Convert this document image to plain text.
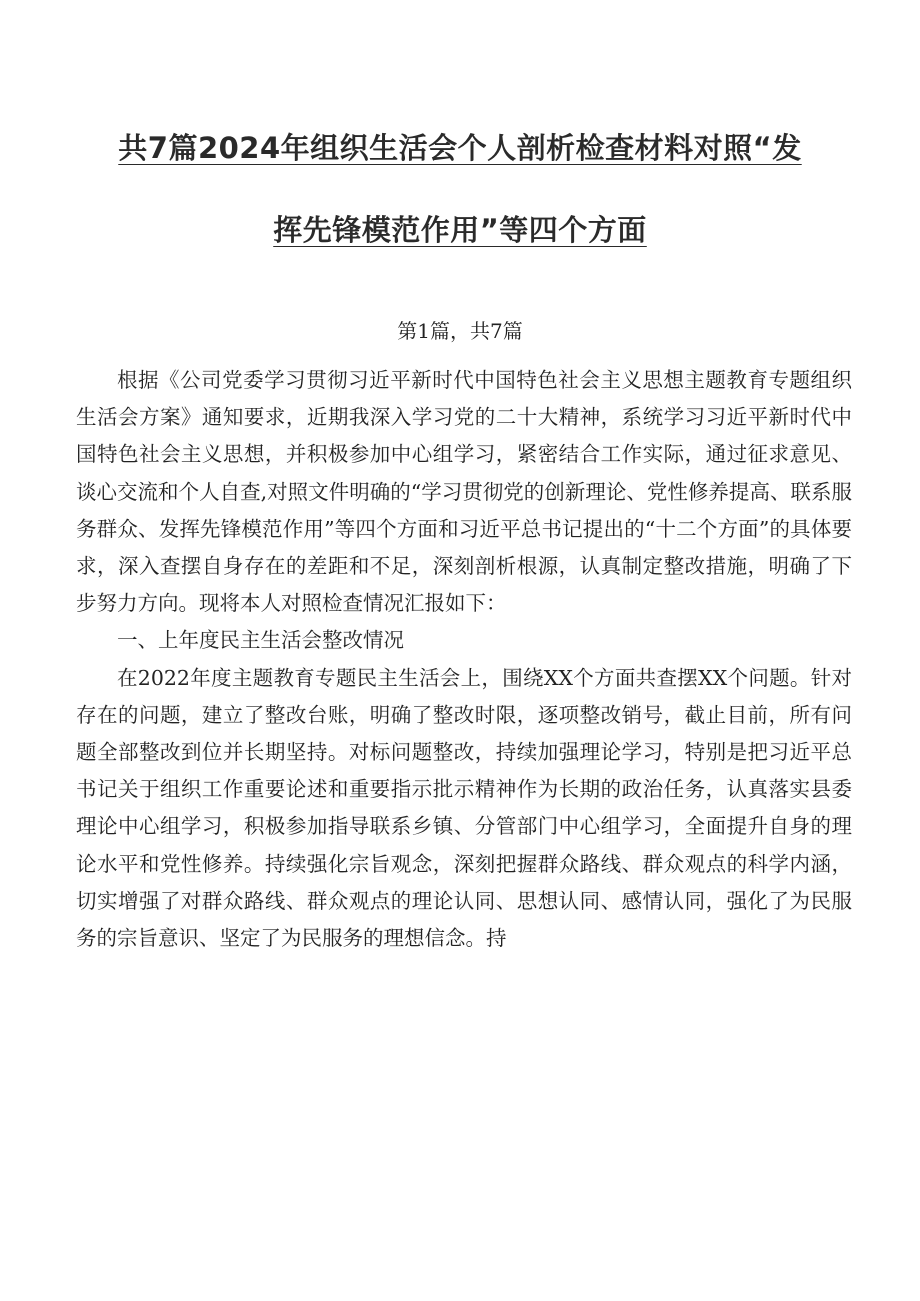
共7篇2024年组织生活会个人剖析检查材料对照“发
挥先锋模范作用”等四个方面
第1篇，共7篇

根据《公司党委学习贯彻习近平新时代中国特色社会主义思想主题教育专题组织生活会方案》通知要求，近期我深入学习党的二十大精神，系统学习习近平新时代中国特色社会主义思想，并积极参加中心组学习，紧密结合工作实际，通过征求意见、谈心交流和个人自查,对照文件明确的“学习贯彻党的创新理论、党性修养提高、联系服务群众、发挥先锋模范作用”等四个方面和习近平总书记提出的“十二个方面”的具体要求，深入查摆自身存在的差距和不足，深刻剖析根源，认真制定整改措施，明确了下步努力方向。现将本人对照检查情况汇报如下：

一、上年度民主生活会整改情况

在2022年度主题教育专题民主生活会上，围绕XX个方面共查摆XX个问题。针对存在的问题，建立了整改台账，明确了整改时限，逐项整改销号，截止目前，所有问题全部整改到位并长期坚持。对标问题整改，持续加强理论学习，特别是把习近平总书记关于组织工作重要论述和重要指示批示精神作为长期的政治任务，认真落实县委理论中心组学习，积极参加指导联系乡镇、分管部门中心组学习，全面提升自身的理论水平和党性修养。持续强化宗旨观念，深刻把握群众路线、群众观点的科学内涵，切实增强了对群众路线、群众观点的理论认同、思想认同、感情认同，强化了为民服务的宗旨意识、坚定了为民服务的理想信念。持
